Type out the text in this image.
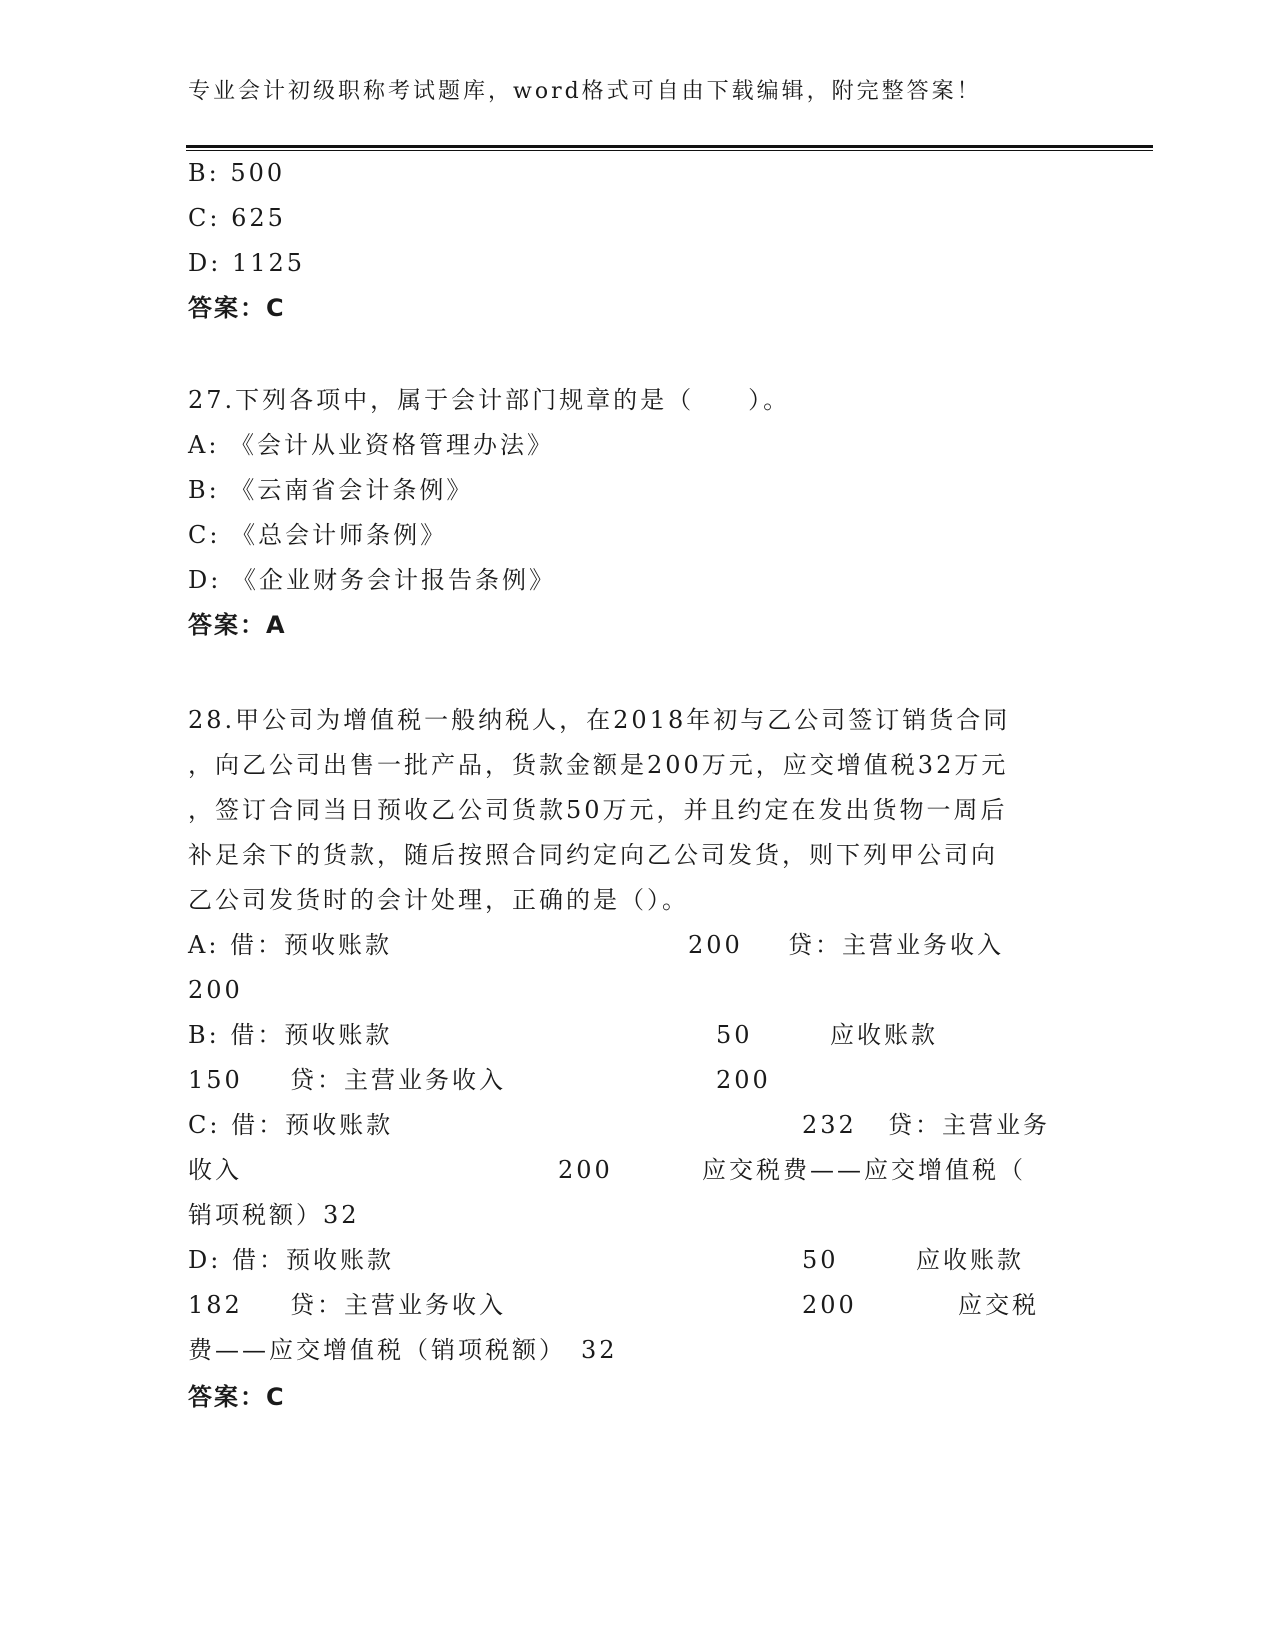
专业会计初级职称考试题库，word格式可自由下载编辑，附完整答案！
B: 500
C: 625
D: 1125
答案：C
27.下列各项中，属于会计部门规章的是（　　）。
A: 《会计从业资格管理办法》
B: 《云南省会计条例》
C: 《总会计师条例》
D: 《企业财务会计报告条例》
答案：A
28.甲公司为增值税一般纳税人，在2018年初与乙公司签订销货合同
，向乙公司出售一批产品，货款金额是200万元，应交增值税32万元
，签订合同当日预收乙公司货款50万元，并且约定在发出货物一周后
补足余下的货款，随后按照合同约定向乙公司发货，则下列甲公司向
乙公司发货时的会计处理，正确的是（）。
A: 借：预收账款	200 贷：主营业务收入
200
B: 借：预收账款	50	应收账款
150 贷：主营业务收入	200
C: 借：预收账款	232 贷：主营业务
收入	200	应交税费——应交增值税（
销项税额）32
D: 借：预收账款	50	应收账款
182 贷：主营业务收入	200	应交税
费——应交增值税（销项税额）　32
答案：C
